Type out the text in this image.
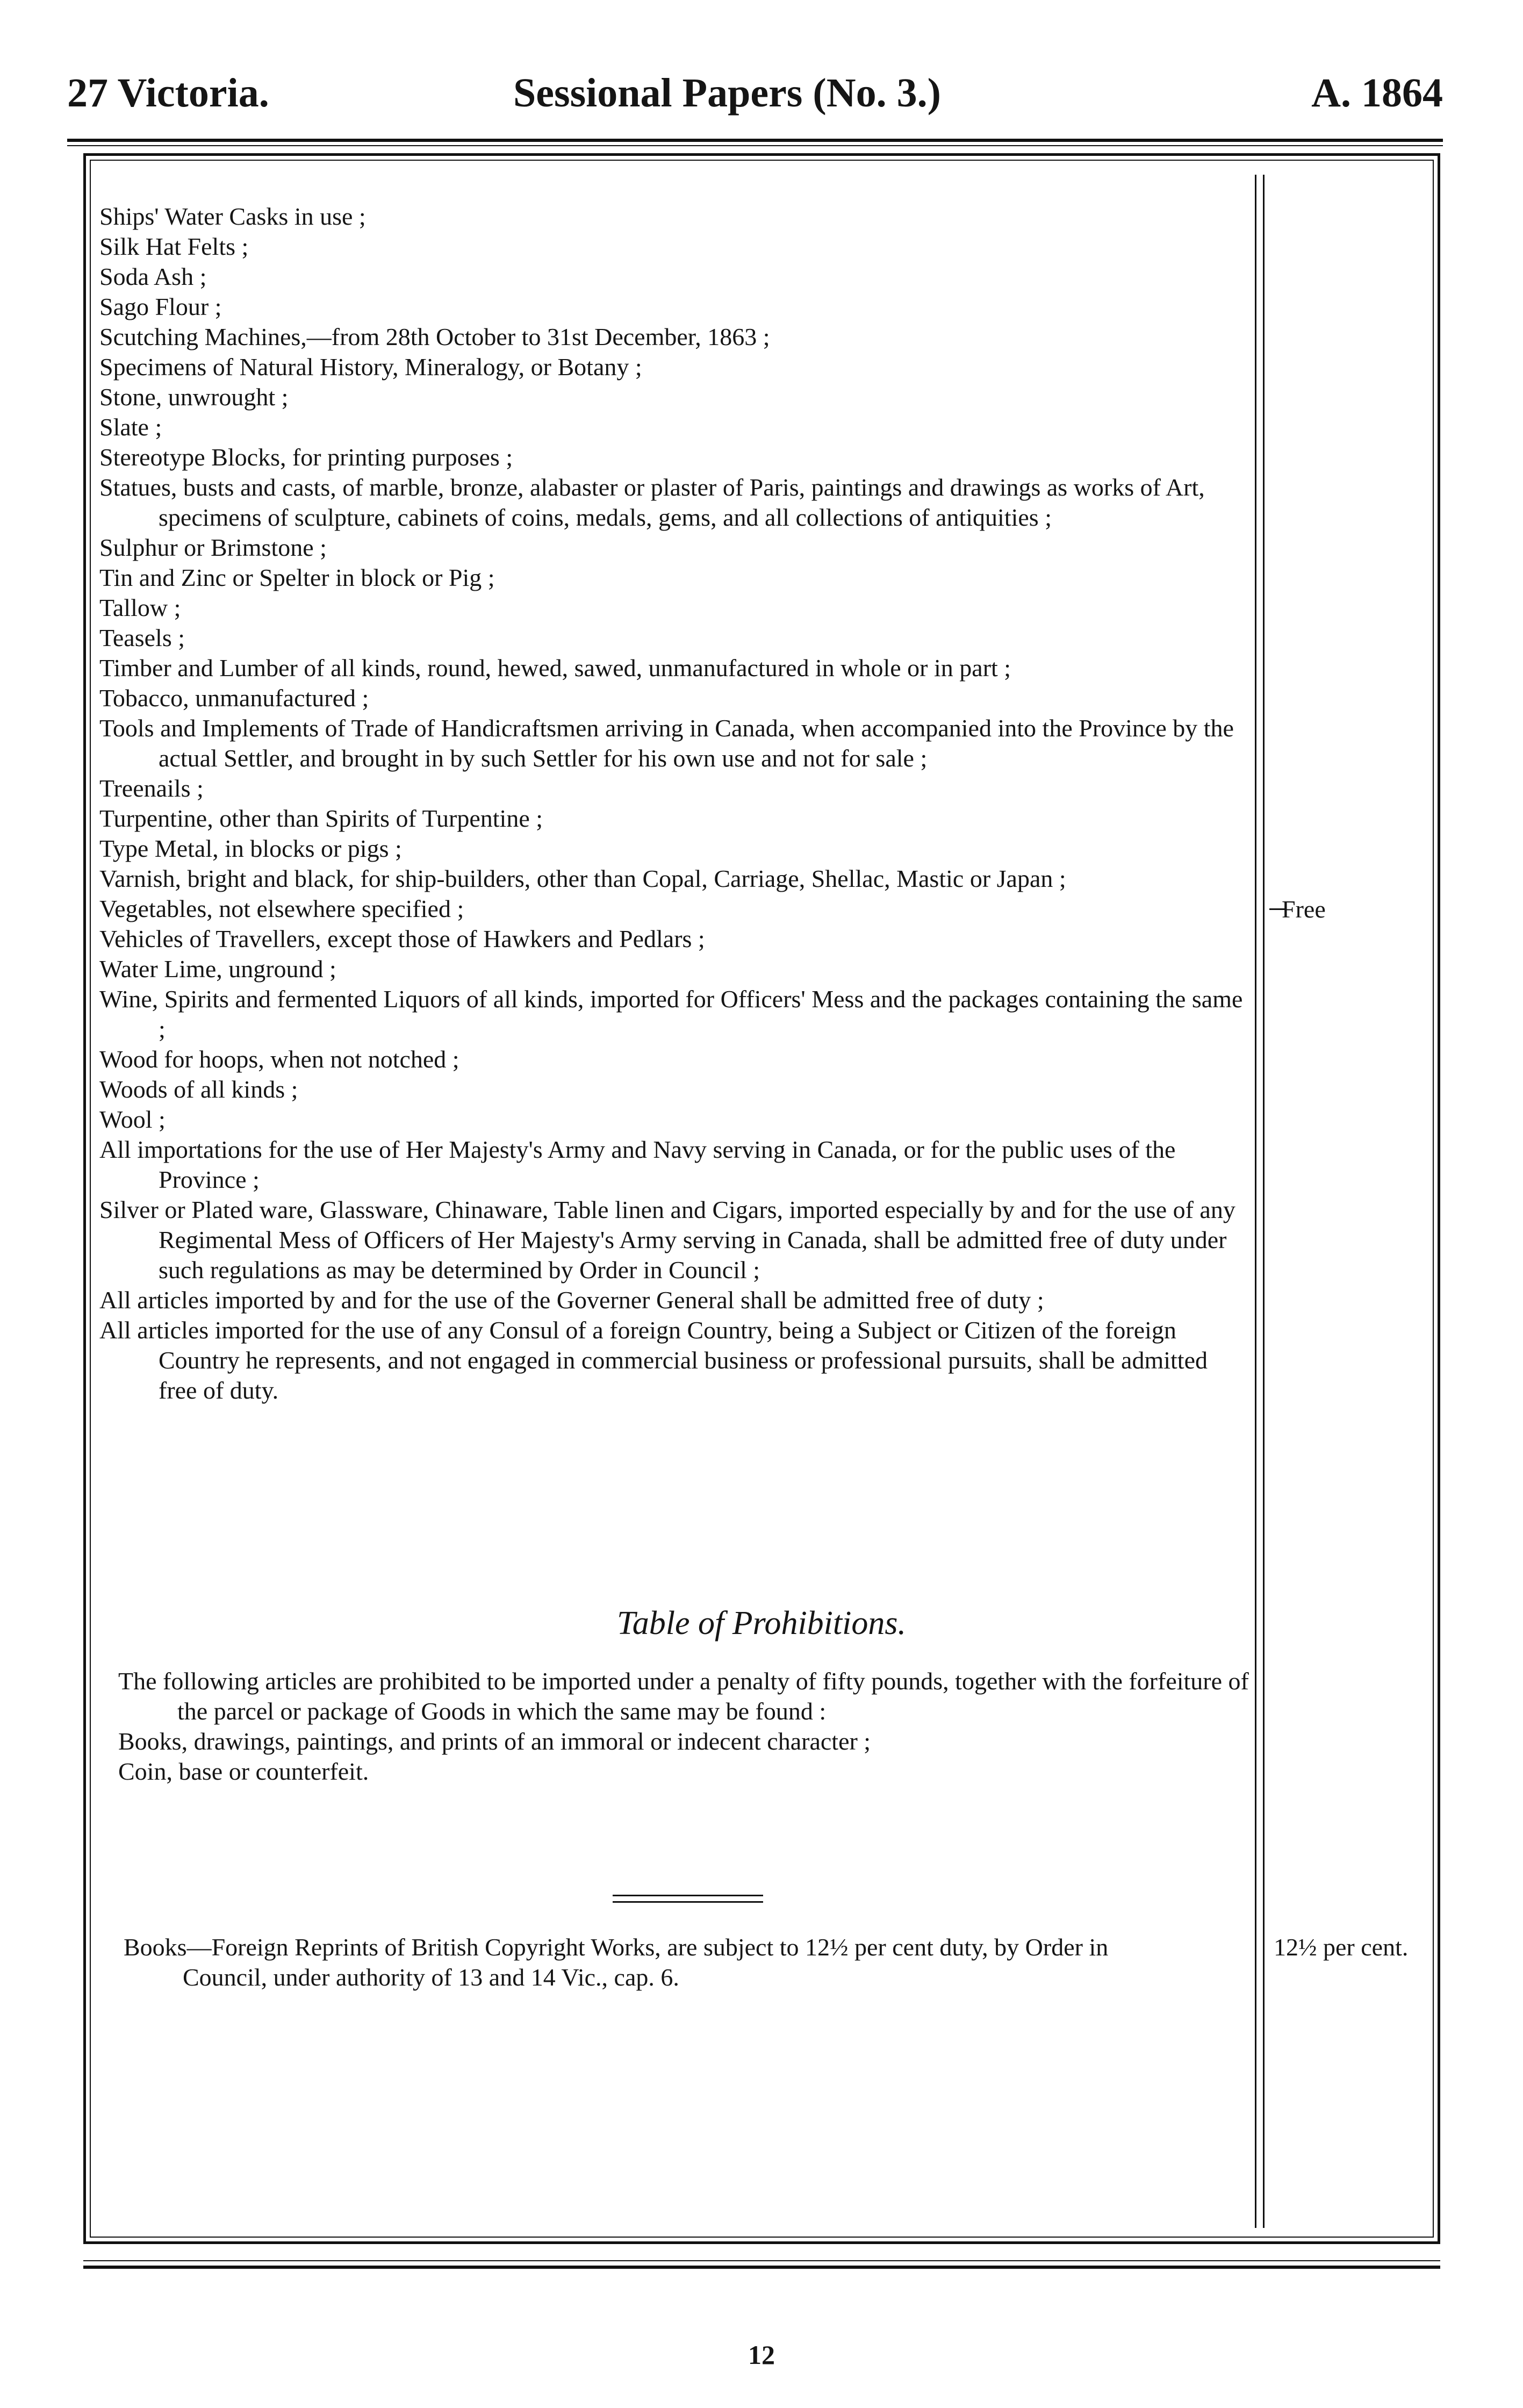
27 Victoria.	Sessional Papers (No. 3.)	A. 1864

Ships' Water Casks in use ;

Silk Hat Felts ;

Soda Ash ;

Sago Flour ;

Scutching Machines,—from 28th October to 31st December, 1863 ;

Specimens of Natural History, Mineralogy, or Botany ;

Stone, unwrought ;

Slate ;

Stereotype Blocks, for printing purposes ;

Statues, busts and casts, of marble, bronze, alabaster or plaster of Paris, paintings and drawings as works of Art, specimens of sculpture, cabinets of coins, medals, gems, and all collections of antiquities ;

Sulphur or Brimstone ;

Tin and Zinc or Spelter in block or Pig ;

Tallow ;

Teasels ;

Timber and Lumber of all kinds, round, hewed, sawed, unmanufactured in whole or in part ;

Tobacco, unmanufactured ;

Tools and Implements of Trade of Handicraftsmen arriving in Canada, when accompanied into the Province by the actual Settler, and brought in by such Settler for his own use and not for sale ;

Treenails ;

Turpentine, other than Spirits of Turpentine ;

Type Metal, in blocks or pigs ;

Varnish, bright and black, for ship-builders, other than Copal, Carriage, Shellac, Mastic or Japan ;

Vegetables, not elsewhere specified ;

Vehicles of Travellers, except those of Hawkers and Pedlars ;

Water Lime, unground ;

Wine, Spirits and fermented Liquors of all kinds, imported for Officers' Mess and the packages containing the same ;

Wood for hoops, when not notched ;

Woods of all kinds ;

Wool ;

All importations for the use of Her Majesty's Army and Navy serving in Canada, or for the public uses of the Province ;

Silver or Plated ware, Glassware, Chinaware, Table linen and Cigars, imported especially by and for the use of any Regimental Mess of Officers of Her Majesty's Army serving in Canada, shall be admitted free of duty under such regulations as may be determined by Order in Council ;

All articles imported by and for the use of the Governer General shall be admitted free of duty ;

All articles imported for the use of any Consul of a foreign Country, being a Subject or Citizen of the foreign Country he represents, and not engaged in commercial business or professional pursuits, shall be admitted free of duty.

Free
Table of Prohibitions.

The following articles are prohibited to be imported under a penalty of fifty pounds, together with the forfeiture of the parcel or package of Goods in which the same may be found :

Books, drawings, paintings, and prints of an immoral or indecent character ;

Coin, base or counterfeit.

Books—Foreign Reprints of British Copyright Works, are subject to 12½ per cent duty, by Order in Council, under authority of 13 and 14 Vic., cap. 6.

12½ per cent.
12
